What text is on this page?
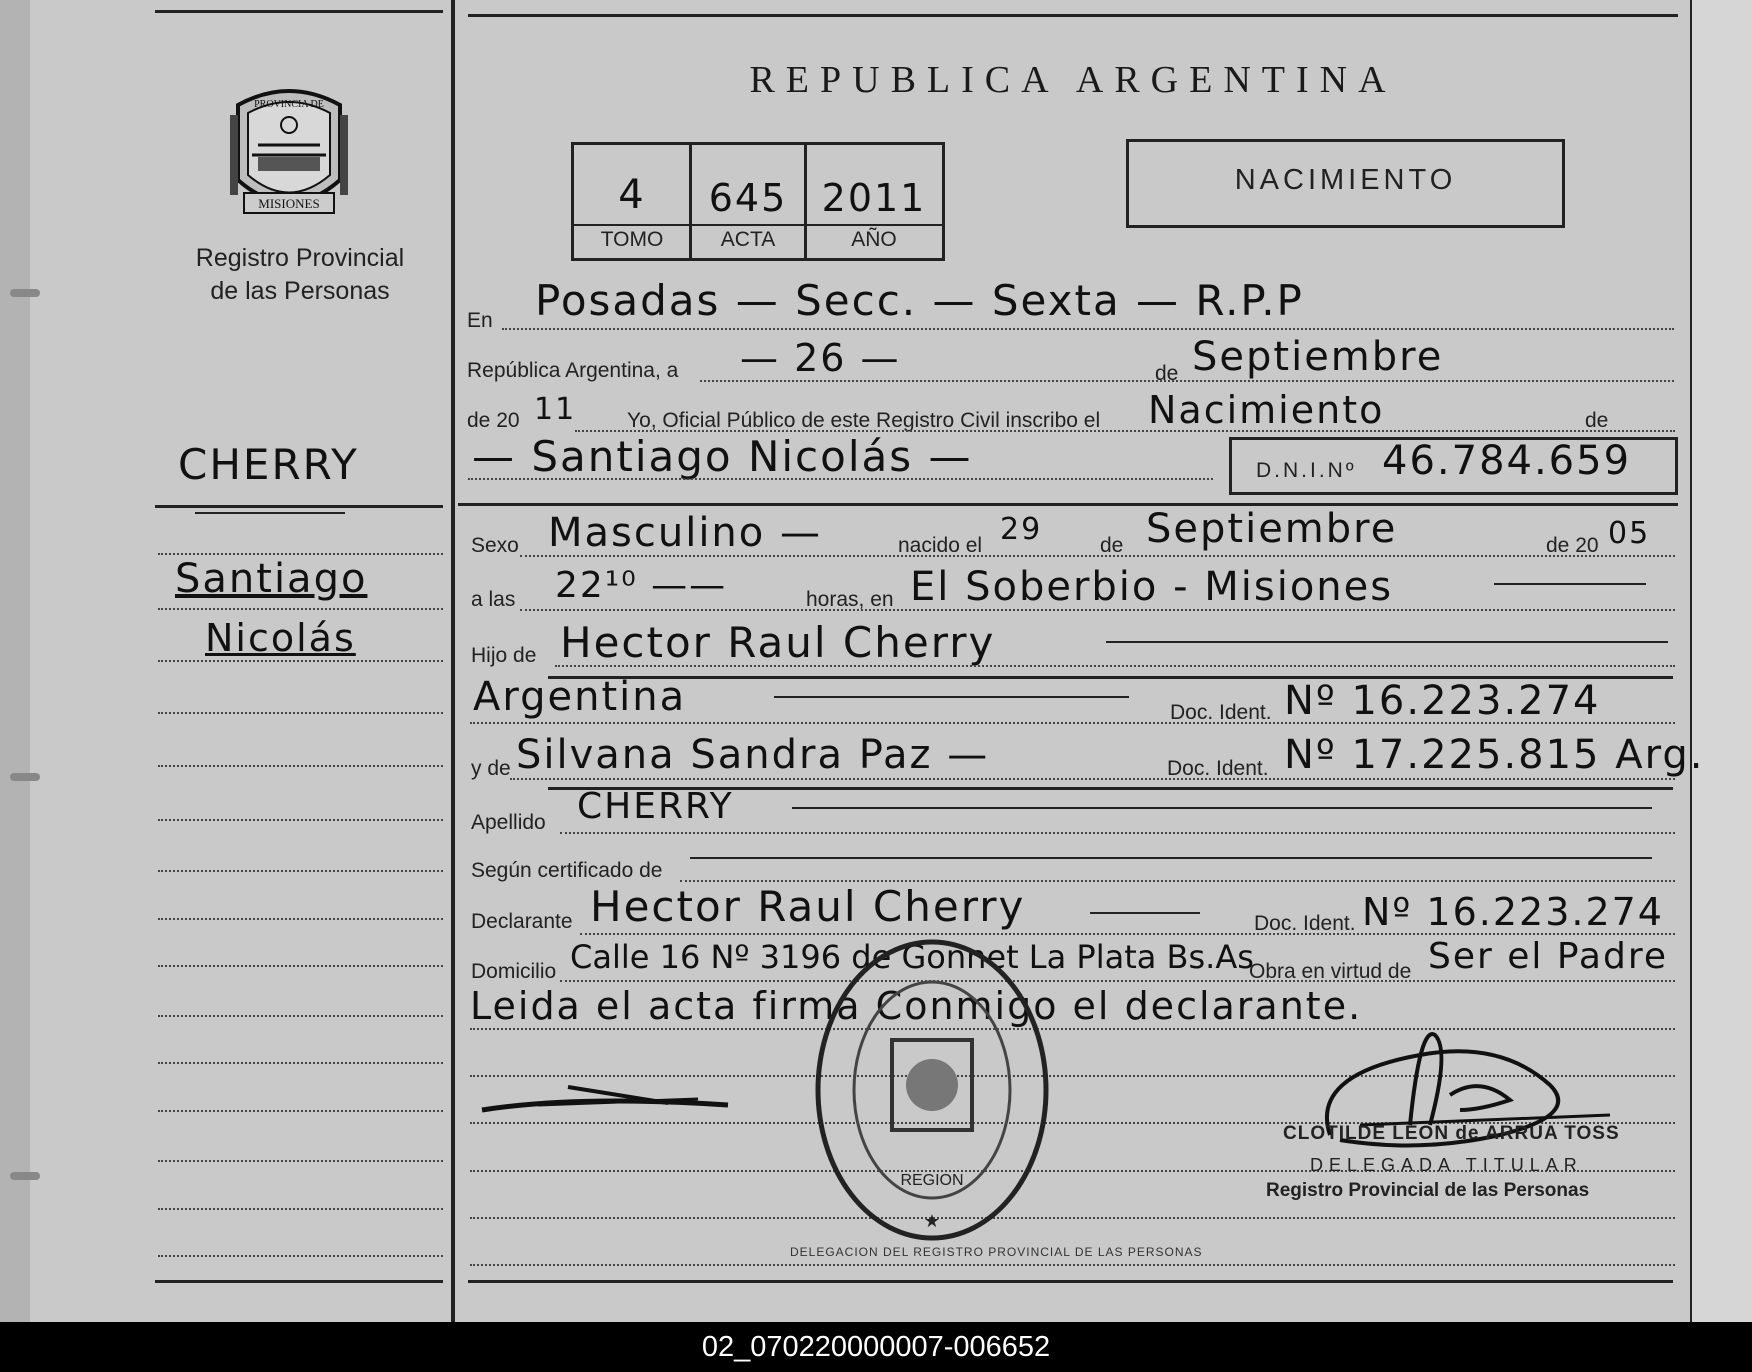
MISIONES
PROVINCIA DE
Registro Provincial
de las Personas
CHERRY
Santiago
Nicolás
REPUBLICA ARGENTINA
4	645 2011
TOMO	ACTA	AÑO
NACIMIENTO
En Posadas — Secc. — Sexta — R.P.P
República Argentina, a — 26 —	de Septiembre
de 20 11 Yo, Oficial Público de este Registro Civil inscribo el Nacimiento	de
— Santiago Nicolás —	D.N.I.Nº 46.784.659
Sexo Masculino —	nacido el 29	de Septiembre	de 20 05
a las 22¹⁰ ——	horas, en El Soberbio - Misiones
Hijo de Hector Raul Cherry
Argentina	Doc. Ident. Nº 16.223.274
y de Silvana Sandra Paz —	Doc. Ident. Nº 17.225.815 Arg.
Apellido CHERRY
Según certificado de
Declarante Hector Raul Cherry	Doc. Ident. Nº 16.223.274
Domicilio Calle 16 Nº 3196 de Gonnet La Plata Bs.As
Obra en virtud de Ser el Padre
Leida el acta firma Conmigo el declarante.
REGION
★
DELEGACION DEL REGISTRO PROVINCIAL DE LAS PERSONAS
CLOTILDE LEON de ARRUA TOSS
DELEGADA TITULAR
Registro Provincial de las Personas
02_070220000007-006652
